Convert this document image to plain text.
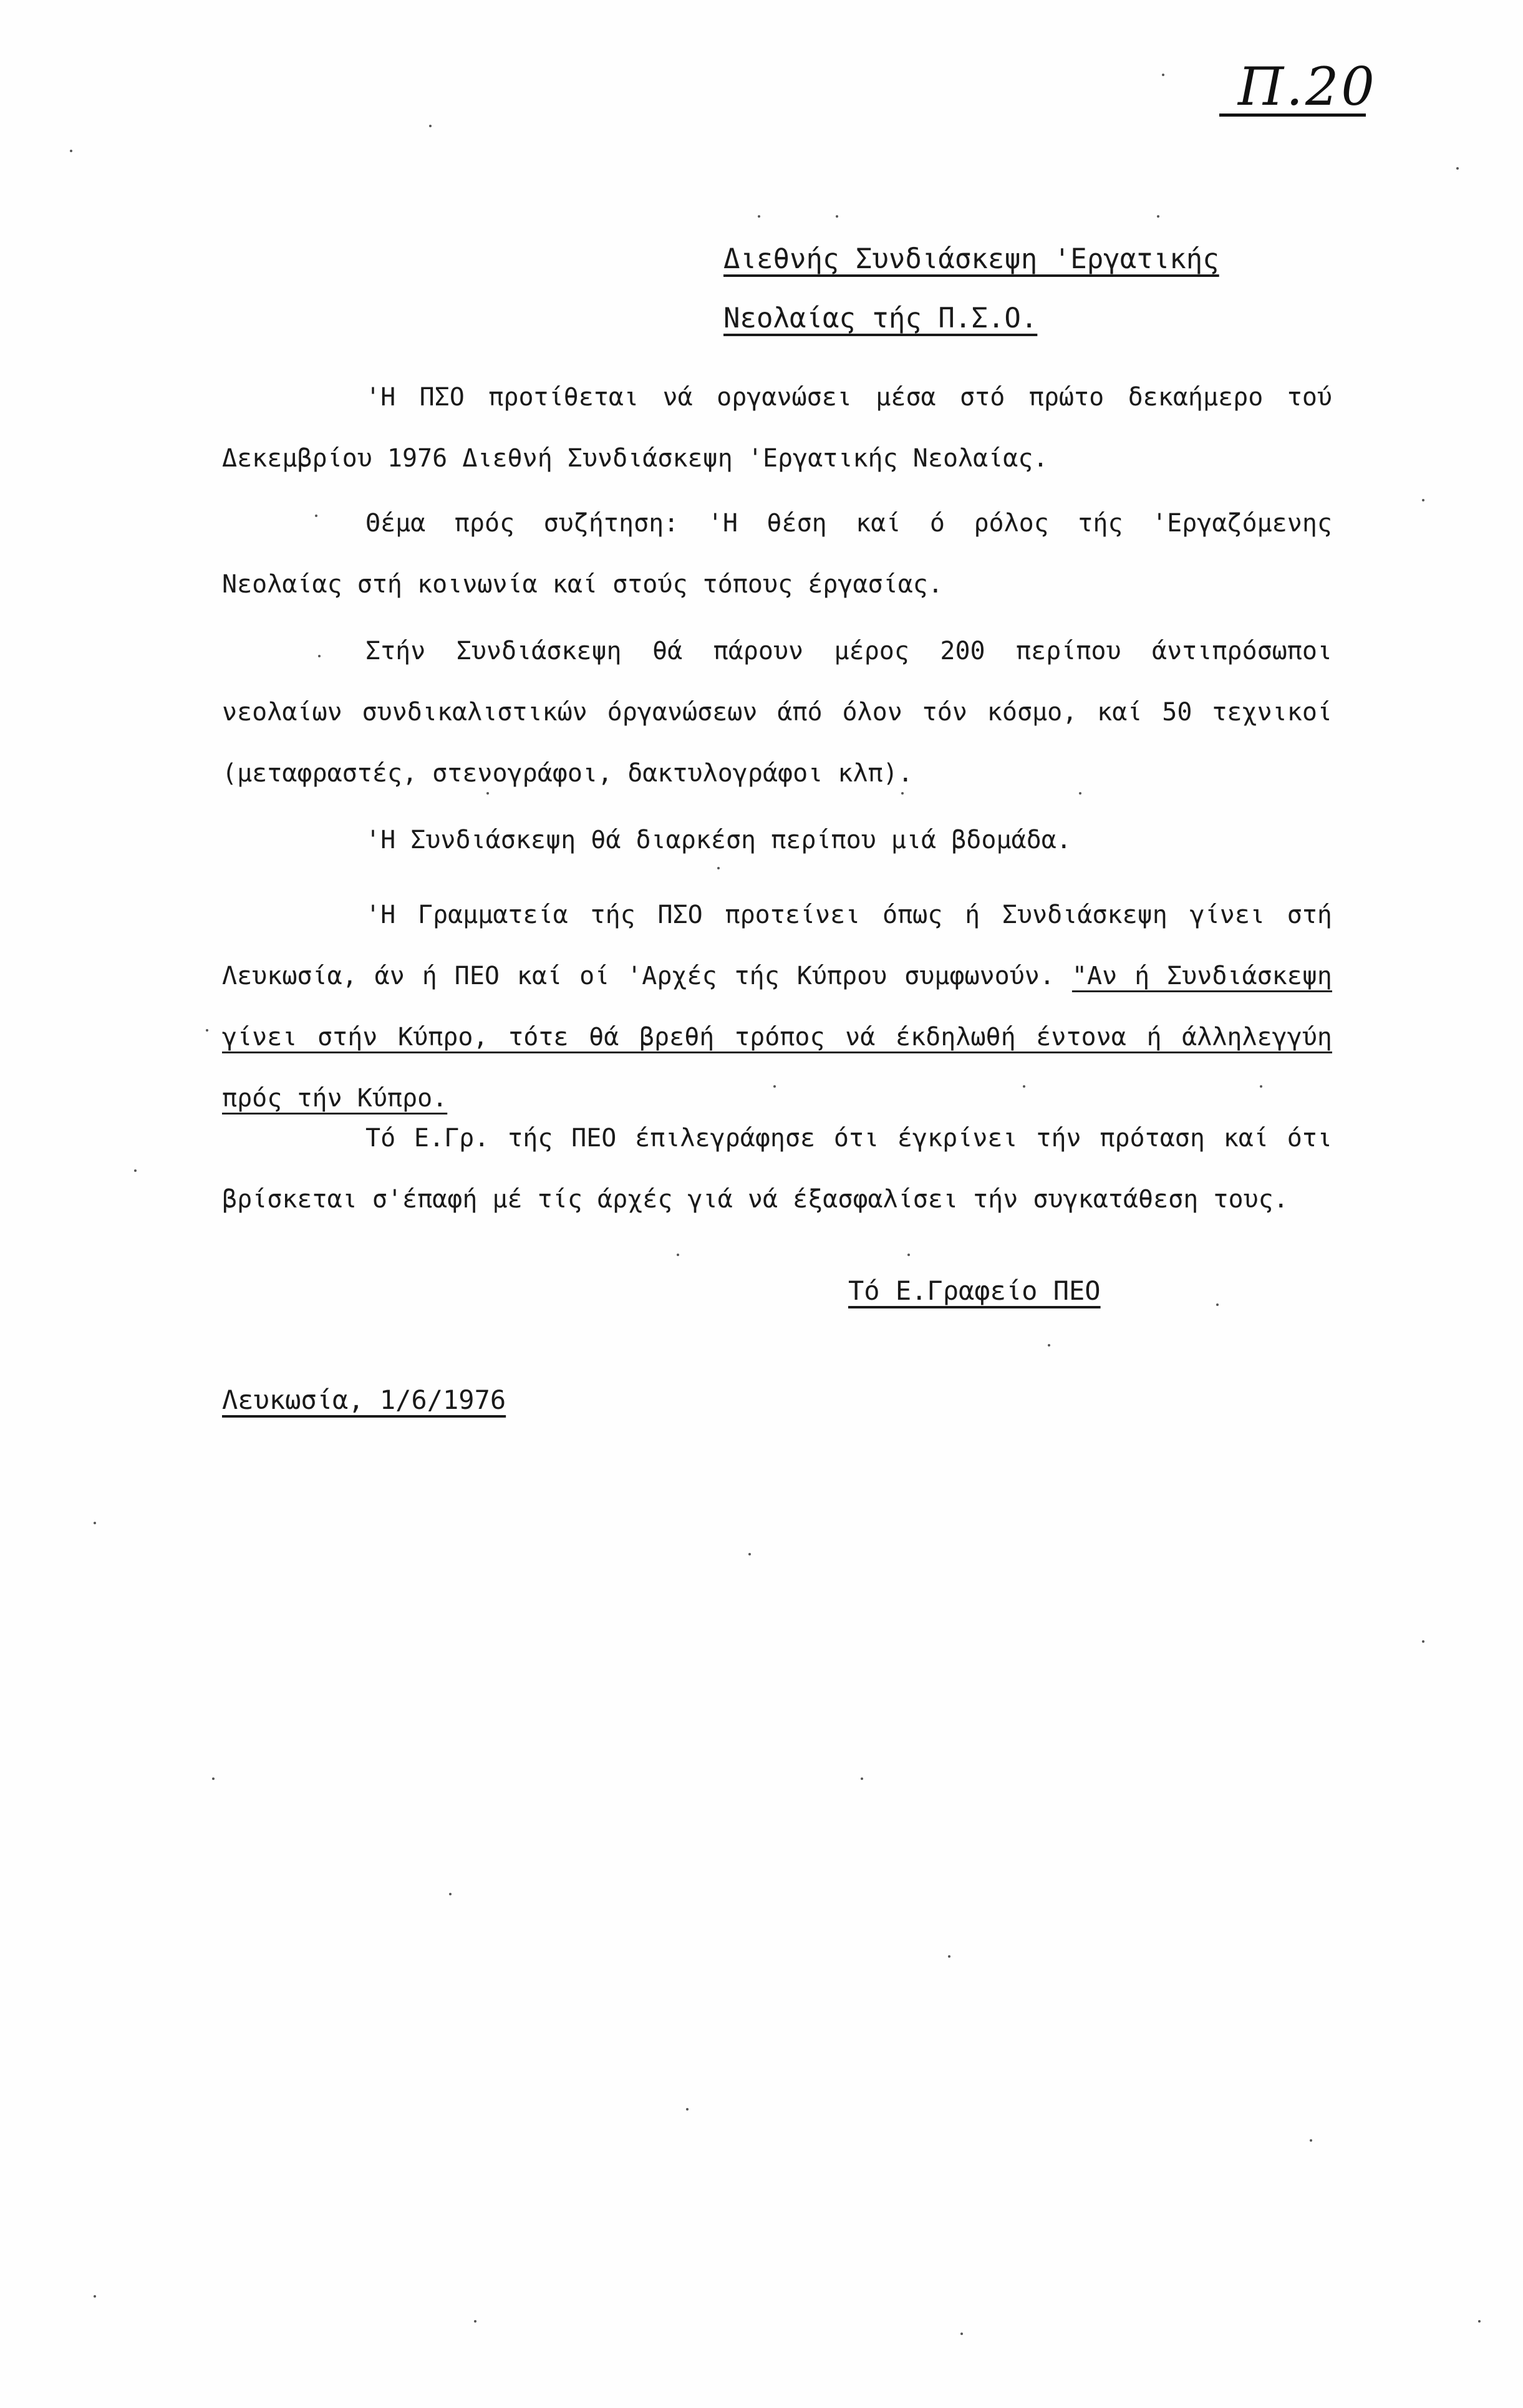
Π.20
Διεθνής Συνδιάσκεψη 'Εργατικής
Νεολαίας τής Π.Σ.Ο.
'Η ΠΣΟ προτίθεται νά οργανώσει μέσα στό πρώτο δεκαήμερο τού Δεκεμβρίου 1976 Διεθνή Συνδιάσκεψη 'Εργατικής Νεολαίας.
Θέμα πρός συζήτηση: 'Η θέση καί ό ρόλος τής 'Εργαζόμενης Νεολαίας στή κοινωνία καί στούς τόπους έργασίας.
Στήν Συνδιάσκεψη θά πάρουν μέρος 200 περίπου άντιπρόσωποι νεολαίων συνδικαλιστικών όργανώσεων άπό όλον τόν κόσμο, καί 50 τεχνικοί (μεταφραστές, στενογράφοι, δακτυλογράφοι κλπ).
'Η Συνδιάσκεψη θά διαρκέση περίπου μιά βδομάδα.
'Η Γραμματεία τής ΠΣΟ προτείνει όπως ή Συνδιάσκεψη γίνει στή Λευκωσία, άν ή ΠΕΟ καί οί 'Αρχές τής Κύπρου συμφωνούν. "Αν ή Συνδιάσκεψη γίνει στήν Κύπρο, τότε θά βρεθή τρόπος νά έκδηλωθή έντονα ή άλληλεγγύη πρός τήν Κύπρο.
Τό Ε.Γρ. τής ΠΕΟ έπιλεγράφησε ότι έγκρίνει τήν πρόταση καί ότι βρίσκεται σ'έπαφή μέ τίς άρχές γιά νά έξασφαλίσει τήν συγκατάθεση τους.
Τό Ε.Γραφείο ΠΕΟ
Λευκωσία, 1/6/1976
